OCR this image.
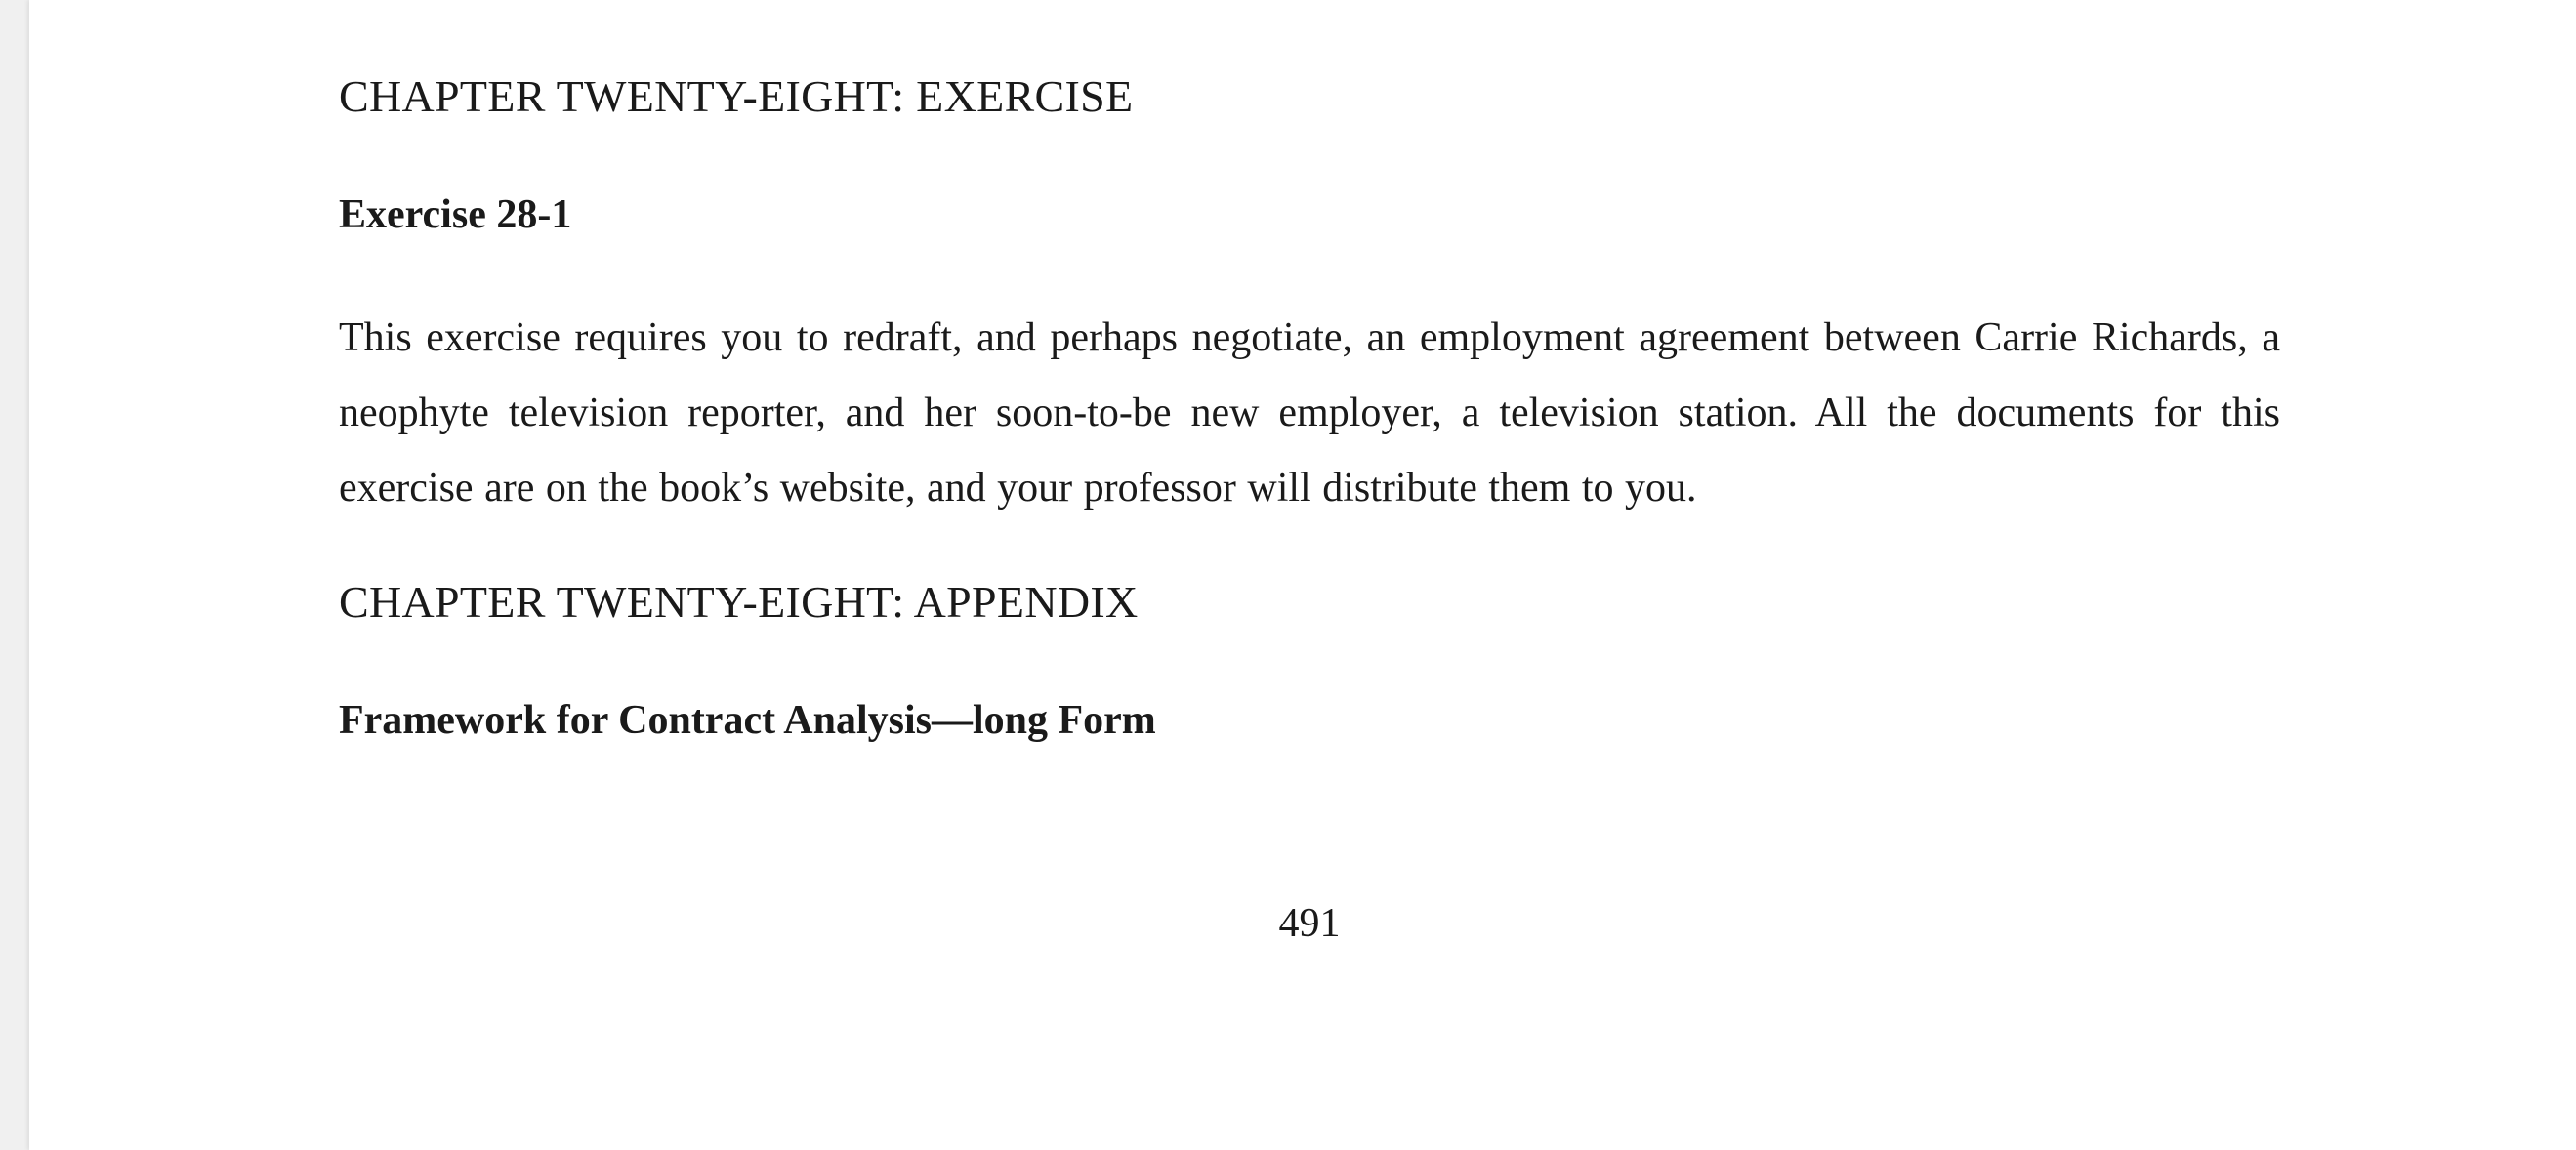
CHAPTER TWENTY-EIGHT: EXERCISE
Exercise 28-1

This exercise requires you to redraft, and perhaps negotiate, an employment agreement between Carrie Richards, a neophyte television reporter, and her soon-to-be new employer, a television station. All the documents for this exercise are on the book’s website, and your professor will distribute them to you.

CHAPTER TWENTY-EIGHT: APPENDIX
Framework for Contract Analysis—long Form

491
